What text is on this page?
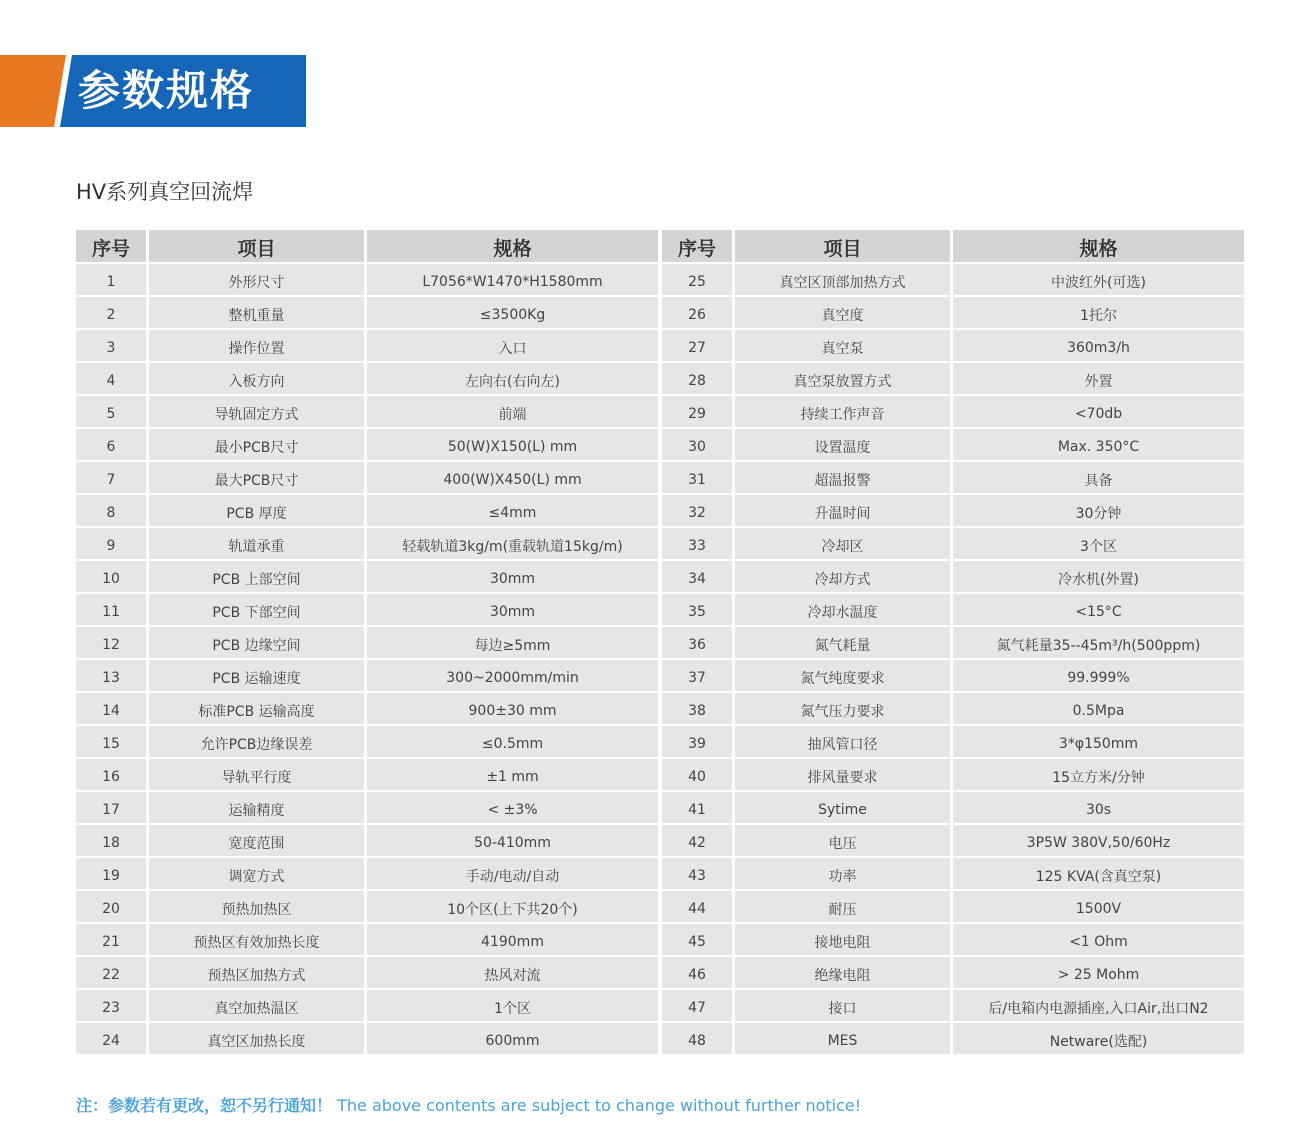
参数规格
HV系列真空回流焊
序号	项目	规格
1	外形尺寸	L7056*W1470*H1580mm
2	整机重量	≤3500Kg
3	操作位置	入口
4	入板方向	左向右(右向左)
5	导轨固定方式	前端
6	最小PCB尺寸	50(W)X150(L) mm
7	最大PCB尺寸	400(W)X450(L) mm
8	PCB 厚度	≤4mm
9	轨道承重	轻载轨道3kg/m(重载轨道15kg/m)
10	PCB 上部空间	30mm
11	PCB 下部空间	30mm
12	PCB 边缘空间	每边≥5mm
13	PCB 运输速度	300~2000mm/min
14	标准PCB 运输高度	900±30 mm
15	允许PCB边缘误差	≤0.5mm
16	导轨平行度	±1 mm
17	运输精度	< ±3%
18	宽度范围	50-410mm
19	调宽方式	手动/电动/自动
20	预热加热区	10个区(上下共20个)
21	预热区有效加热长度	4190mm
22	预热区加热方式	热风对流
23	真空加热温区	1个区
24	真空区加热长度	600mm
序号	项目	规格
25	真空区顶部加热方式	中波红外(可选)
26	真空度	1托尔
27	真空泵	360m3/h
28	真空泵放置方式	外置
29	持续工作声音	<70db
30	设置温度	Max. 350°C
31	超温报警	具备
32	升温时间	30分钟
33	冷却区	3个区
34	冷却方式	冷水机(外置)
35	冷却水温度	<15°C
36	氮气耗量	氮气耗量35--45m³/h(500ppm)
37	氮气纯度要求	99.999%
38	氮气压力要求	0.5Mpa
39	抽风管口径	3*φ150mm
40	排风量要求	15立方米/分钟
41	Sytime	30s
42	电压	3P5W 380V,50/60Hz
43	功率	125 KVA(含真空泵)
44	耐压	1500V
45	接地电阻	<1 Ohm
46	绝缘电阻	> 25 Mohm
47	接口	后/电箱内电源插座,入口Air,出口N2
48	MES	Netware(选配)
注：参数若有更改，恕不另行通知！ The above contents are subject to change without further notice!
